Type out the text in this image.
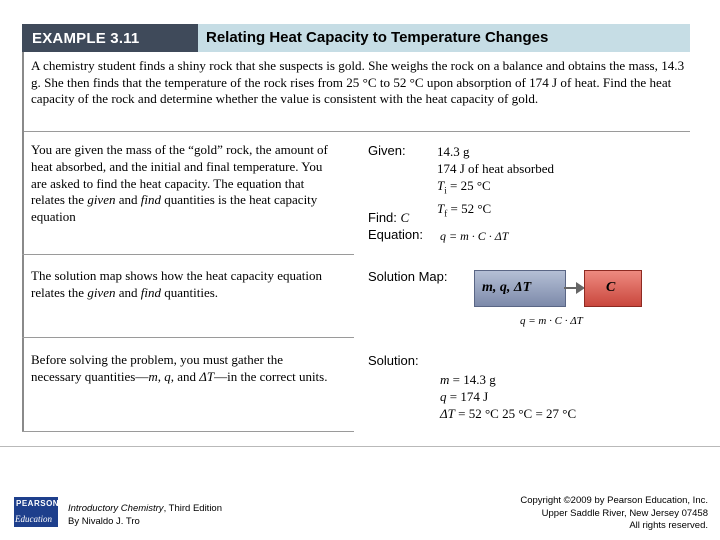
EXAMPLE 3.11	Relating Heat Capacity to Temperature Changes
A chemistry student finds a shiny rock that she suspects is gold. She weighs the rock on a balance and obtains the mass, 14.3 g. She then finds that the temperature of the rock rises from 25 °C to 52 °C upon absorption of 174 J of heat. Find the heat capacity of the rock and determine whether the value is consistent with the heat capacity of gold.
You are given the mass of the “gold” rock, the amount of heat absorbed, and the initial and final temperature. You are asked to find the heat capacity. The equation that relates the given and find quantities is the heat capacity equation
Given: 14.3 g
174 J of heat absorbed
$T_i = 25$ °C
$T_f = 52$ °C
Find: C
Equation: q = m · C · ΔT
The solution map shows how the heat capacity equation relates the given and find quantities.
Solution Map:
m, q, ΔT	C
q = m · C · ΔT
Before solving the problem, you must gather the necessary quantities—m, q, and ΔT—in the correct units.
Solution:
m = 14.3 g
q = 174 J
ΔT = 52 °C 25 °C = 27 °C
PEARSON
Education
Introductory Chemistry, Third Edition
By Nivaldo J. Tro
Copyright ©2009 by Pearson Education, Inc.
Upper Saddle River, New Jersey 07458
All rights reserved.
